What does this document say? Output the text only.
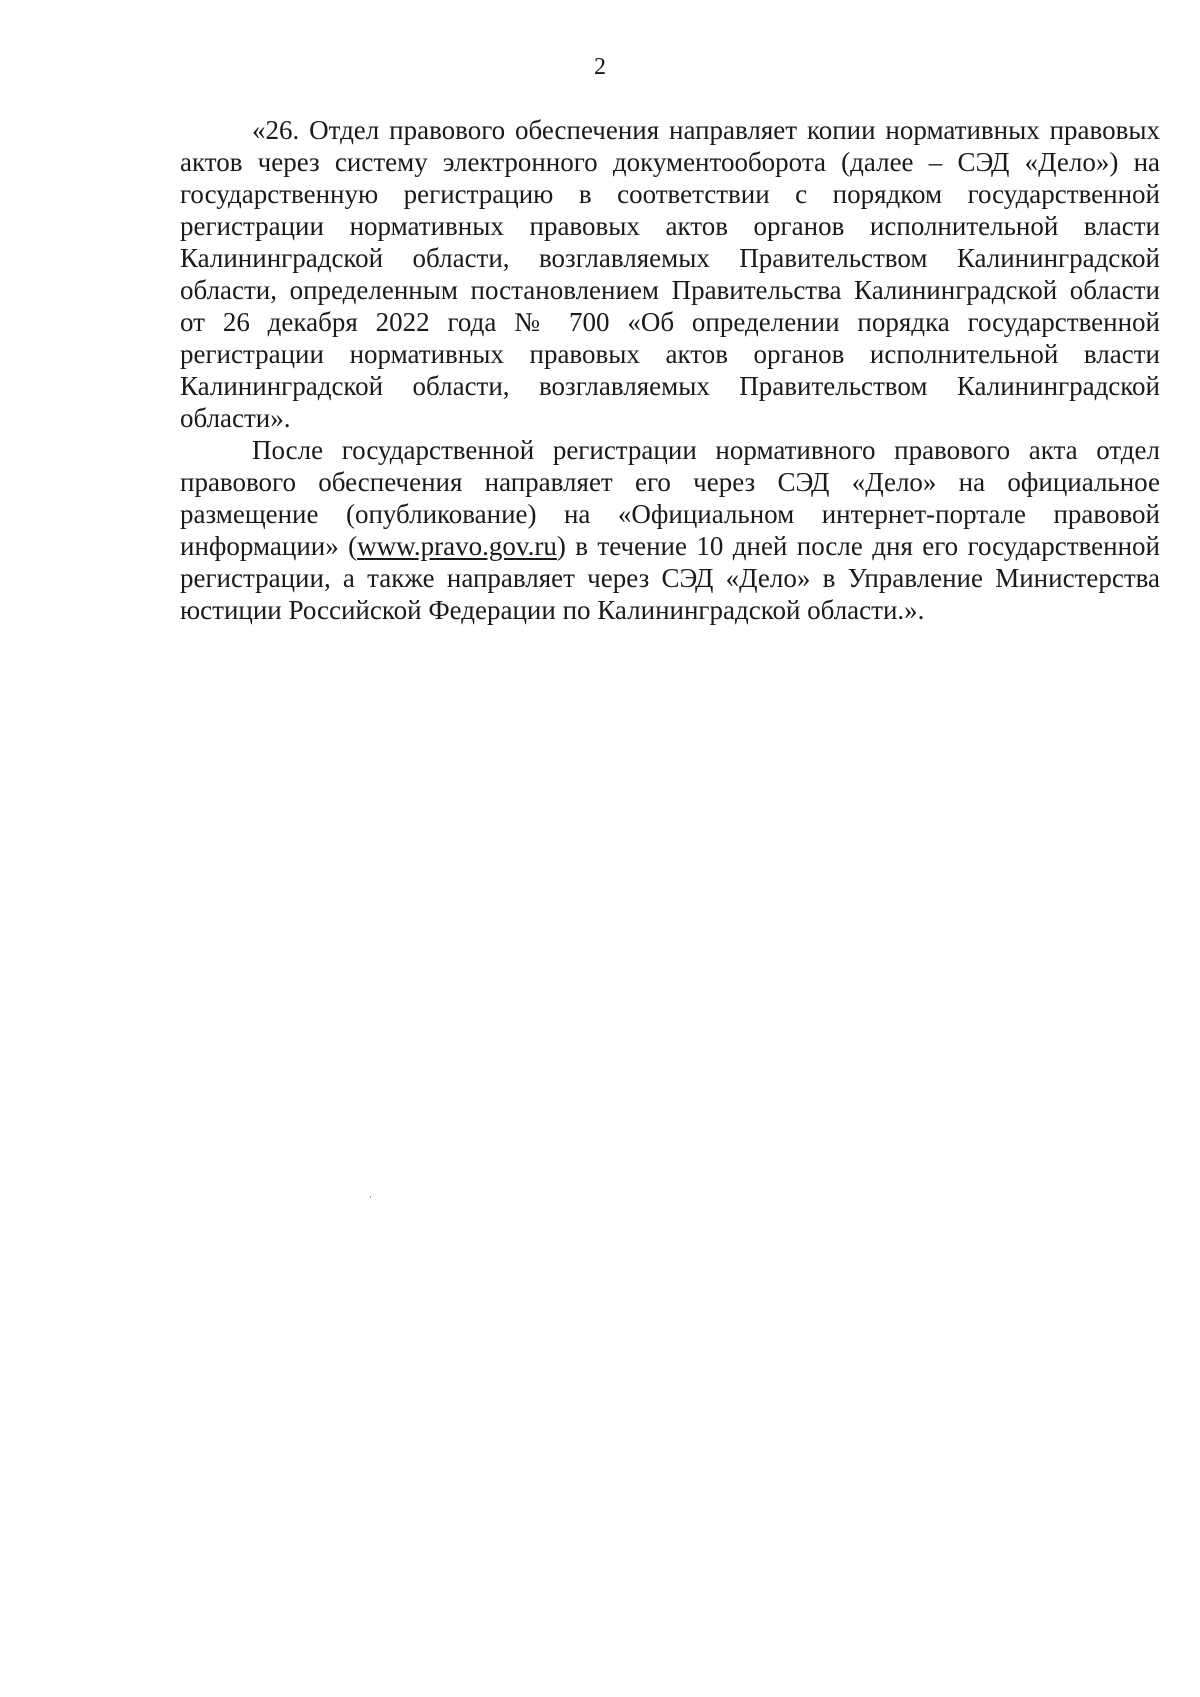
2

«26. Отдел правового обеспечения направляет копии нормативных правовых актов через систему электронного документооборота (далее – СЭД «Дело») на государственную регистрацию в соответствии с порядком государственной регистрации нормативных правовых актов органов исполнительной власти Калининградской области, возглавляемых Правительством Калининградской области, определенным постановлением Правительства Калининградской области от 26 декабря 2022 года № 700 «Об определении порядка государственной регистрации нормативных правовых актов органов исполнительной власти Калининградской области, возглавляемых Правительством Калининградской области».

После государственной регистрации нормативного правового акта отдел правового обеспечения направляет его через СЭД «Дело» на официальное размещение (опубликование) на «Официальном интернет-портале правовой информации» (www.pravo.gov.ru) в течение 10 дней после дня его государственной регистрации, а также направляет через СЭД «Дело» в Управление Министерства юстиции Российской Федерации по Калининградской области.».
